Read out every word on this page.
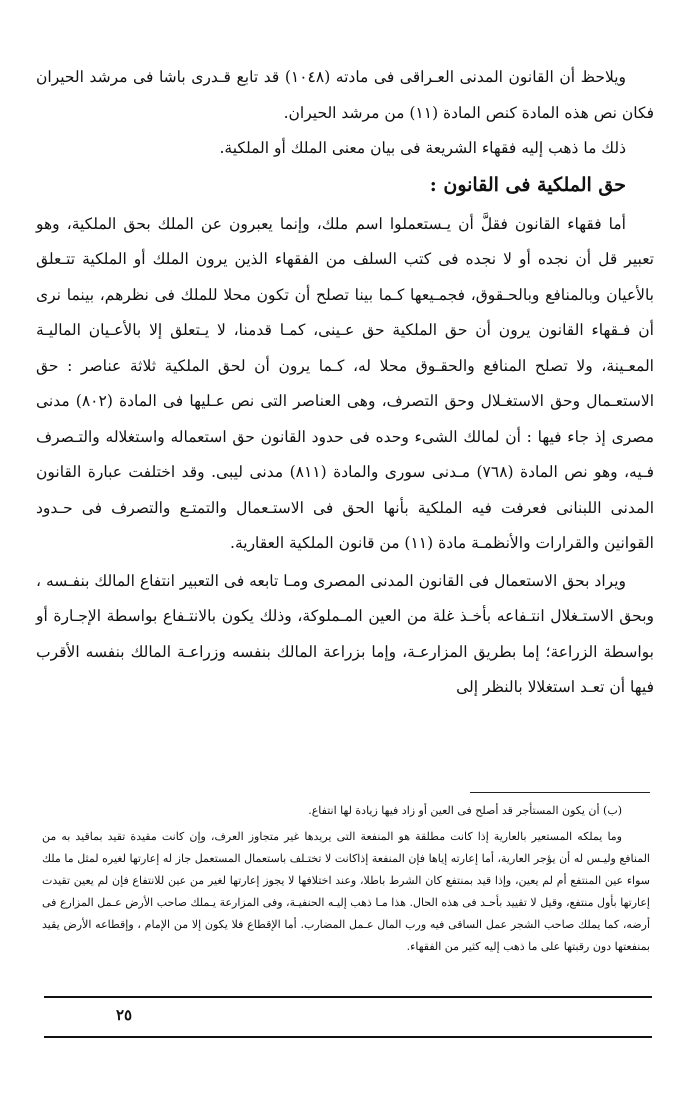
ويلاحظ أن القانون المدنى العـراقى فى مادته (١٠٤٨) قد تابع قـدرى باشا فى مرشد الحيران فكان نص هذه المادة كنص المادة (١١) من مرشد الحيران.

ذلك ما ذهب إليه فقهاء الشريعة فى بيان معنى الملك أو الملكية.

حق الملكية فى القانون :

أما فقهاء القانون فقلَّ أن يـستعملوا اسم ملك، وإنما يعبرون عن الملك بحق الملكية، وهو تعبير قل أن نجده أو لا نجده فى كتب السلف من الفقهاء الذين يرون الملك أو الملكية تتـعلق بالأعيان وبالمنافع وبالحـقوق، فجمـيعها كـما بينا تصلح أن تكون محلا للملك فى نظرهم، بينما نرى أن فـقهاء القانون يرون أن حق الملكية حق عـينى، كمـا قدمنا، لا يـتعلق إلا بالأعـيان الماليـة المعـينة، ولا تصلح المنافع والحقـوق محلا له، كـما يرون أن لحق الملكية ثلاثة عناصر : حق الاستعـمال وحق الاستغـلال وحق التصرف، وهى العناصر التى نص عـليها فى المادة (٨٠٢) مدنى مصرى إذ جاء فيها : أن لمالك الشىء وحده فى حدود القانون حق استعماله واستغلاله والتـصرف فـيه، وهو نص المادة (٧٦٨) مـدنى سورى والمادة (٨١١) مدنى ليبى. وقد اختلفت عبارة القانون المدنى اللبنانى فعرفت فيه الملكية بأنها الحق فى الاستـعمال والتمتـع والتصرف فى حـدود القوانين والقرارات والأنظمـة مادة (١١) من قانون الملكية العقارية.

ويراد بحق الاستعمال فى القانون المدنى المصرى ومـا تابعه فى التعبير انتفاع المالك بنفـسه ، وبحق الاستـغلال انتـفاعه بأخـذ غلة من العين المـملوكة، وذلك يكون بالانتـفاع بواسطة الإجـارة أو بواسطة الزراعة؛ إما بطريق المزارعـة، وإما بزراعة المالك بنفسه وزراعـة المالك بنفسه الأقرب فيها أن تعـد استغلالا بالنظر إلى

(ب) أن يكون المستأجر قد أصلح فى العين أو زاد فيها زيادة لها انتفاع.

وما يملكه المستعير بالعارية إذا كانت مطلقة هو المنفعة التى يريدها غير متجاوز العرف، وإن كانت مقيدة تقيد بماقيد به من المنافع وليـس له أن يؤجر العارية، أما إعارته إياها فإن المنفعة إذاكانت لا تختـلف باستعمال المستعمل جاز له إعارتها لغيره لمثل ما ملك سواء عين المنتفع أم لم يعين، وإذا قيد بمنتفع كان الشرط باطلا، وعند اختلافها لا يجوز إعارتها لغير من عين للانتفاع فإن لم يعين تقيدت إعارتها بأول منتفع، وقيل لا تقييد بأحـد فى هذه الحال. هذا مـا ذهب إليـه الحنفيـة، وفى المزارعة يـملك صاحب الأرض عـمل المزارع فى أرضه، كما يملك صاحب الشجر عمل الساقى فيه ورب المال عـمل المضارب. أما الإقطاع فلا يكون إلا من الإمام ، وإقطاعه الأرض يقيد بمنفعتها دون رقبتها على ما ذهب إليه كثير من الفقهاء.

٢٥
